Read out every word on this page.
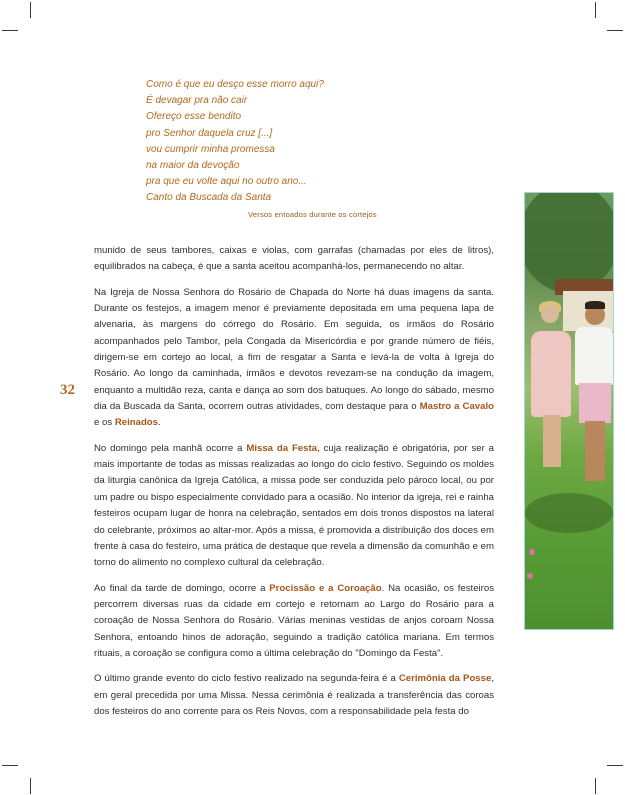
Como é que eu desço esse morro aqui?
É devagar pra não cair
Ofereço esse bendito
pro Senhor daquela cruz [...]
vou cumprir minha promessa
na maior da devoção
pra que eu volte aqui no outro ano...
Canto da Buscada da Santa
Versos entoados durante os cortejos
32

munido de seus tambores, caixas e violas, com garrafas (chamadas por eles de litros), equilibrados na cabeça, é que a santa aceitou acompanhá-los, permanecendo no altar.

Na Igreja de Nossa Senhora do Rosário de Chapada do Norte há duas imagens da santa. Durante os festejos, a imagem menor é previamente depositada em uma pequena lapa de alvenaria, às margens do córrego do Rosário. Em seguida, os irmãos do Rosário acompanhados pelo Tambor, pela Congada da Misericórdia e por grande número de fiéis, dirigem-se em cortejo ao local, a fim de resgatar a Santa e levá-la de volta à Igreja do Rosário. Ao longo da caminhada, irmãos e devotos revezam-se na condução da imagem, enquanto a multidão reza, canta e dança ao som dos batuques. Ao longo do sábado, mesmo dia da Buscada da Santa, ocorrem outras atividades, com destaque para o Mastro a Cavalo e os Reinados.

No domingo pela manhã ocorre a Missa da Festa, cuja realização é obrigatória, por ser a mais importante de todas as missas realizadas ao longo do ciclo festivo. Seguindo os moldes da liturgia canônica da Igreja Católica, a missa pode ser conduzida pelo pároco local, ou por um padre ou bispo especialmente convidado para a ocasião. No interior da igreja, rei e rainha festeiros ocupam lugar de honra na celebração, sentados em dois tronos dispostos na lateral do celebrante, próximos ao altar-mor. Após a missa, é promovida a distribuição dos doces em frente à casa do festeiro, uma prática de destaque que revela a dimensão da comunhão e em torno do alimento no complexo cultural da celebração.

Ao final da tarde de domingo, ocorre a Procissão e a Coroação. Na ocasião, os festeiros percorrem diversas ruas da cidade em cortejo e retornam ao Largo do Rosário para a coroação de Nossa Senhora do Rosário. Várias meninas vestidas de anjos coroam Nossa Senhora, entoando hinos de adoração, seguindo a tradição católica mariana. Em termos rituais, a coroação se configura como a última celebração do "Domingo da Festa".

O último grande evento do ciclo festivo realizado na segunda-feira é a Cerimônia da Posse, em geral precedida por uma Missa. Nessa cerimônia é realizada a transferência das coroas dos festeiros do ano corrente para os Reis Novos, com a responsabilidade pela festa do
